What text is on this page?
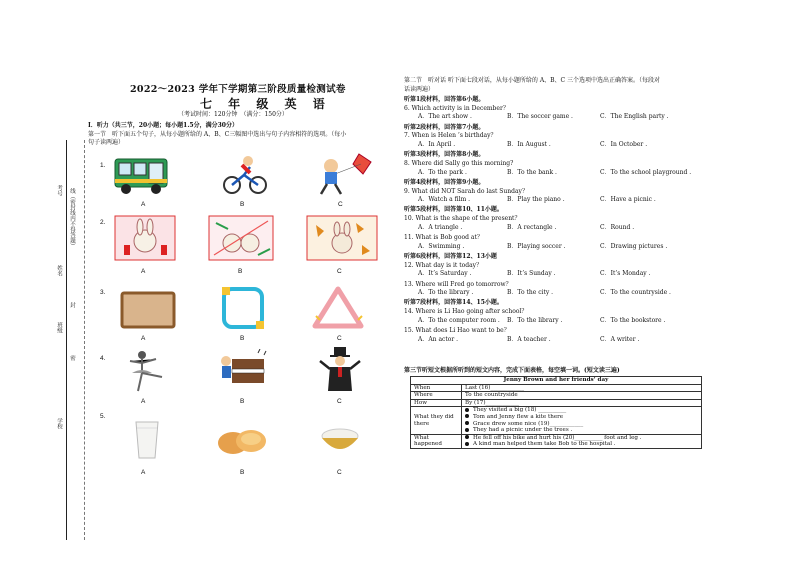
考号
姓名
班级
学校
线（密封线内不得答题）
封
密
2022～2023 学年下学期第三阶段质量检测试卷
七 年 级 英 语
（考试时间：120分钟　（满分：150分）
I．听力（共三节，20小题；每小题1.5分，满分30分）
第一节　听下面五个句子，从每小题所给的 A、B、C三幅图中选出与句子内容相符的选项。（每小
句子读两遍）
1.
A	B	C
2.
A	B	C
3.
A	B	C
4.
A	B	C
5.
A	B	C
第二节　听对话 听下面七段对话，从每小题所给的 A、B、C 三个选项中选出正确答案。（每段对
话读两遍）
听第1段材料，回答第6小题。
6. Which activity is in December？
A．The art show .	B．The soccer game .	C．The English party .
听第2段材料，回答第7小题。
7. When is Helen ’s birthday？
A．In April .	B．In August .	C．In October .
听第3段材料，回答第8小题。
8. Where did Sally go this morning?
A．To the park .	B．To the bank .	C．To the school playground .
听第4段材料，回答第9小题。
9. What did NOT Sarah do last Sunday？
A．Watch a film .	B．Play the piano .	C．Have a picnic .
听第5段材料，回答第10、11小题。
10. What is the shape of the present？
A．A triangle .	B．A rectangle .	C．Round .
11. What is Bob good at？
A．Swimming .	B．Playing soccer .	C．Drawing pictures .
听第6段材料，回答第12、13小题
12. What day is it today？
A．It’s Saturday .	B．It’s Sunday .	C．It’s Monday .
13. Where will Fred go tomorrow？
A．To the library .	B．To the city .	C．To the countryside .
听第7段材料，回答第14、15小题。
14. Where is Li Hao going after school？
A．To the computer room . B．To the library .	C．To the bookstore .
15. What does Li Hao want to be？
A．An actor .	B．A teacher .	C．A writer .
第三节听短文根据所听到的短文内容，完成下面表格，每空填一词。(短文读三遍)
Jenny Brown and her friends’ day	
When	Last (16)____________
Where	To the countryside
How	By (17)____________
What they did there	They visited a big (18) __________
Tom and Jenny flew a kite there
Grace drew some nice (19)____________
They had a picnic under the trees .

What happened	He fell off his bike and hurt his (20)__________ foot and leg .
A kind man helped them take Bob to the hospital .
